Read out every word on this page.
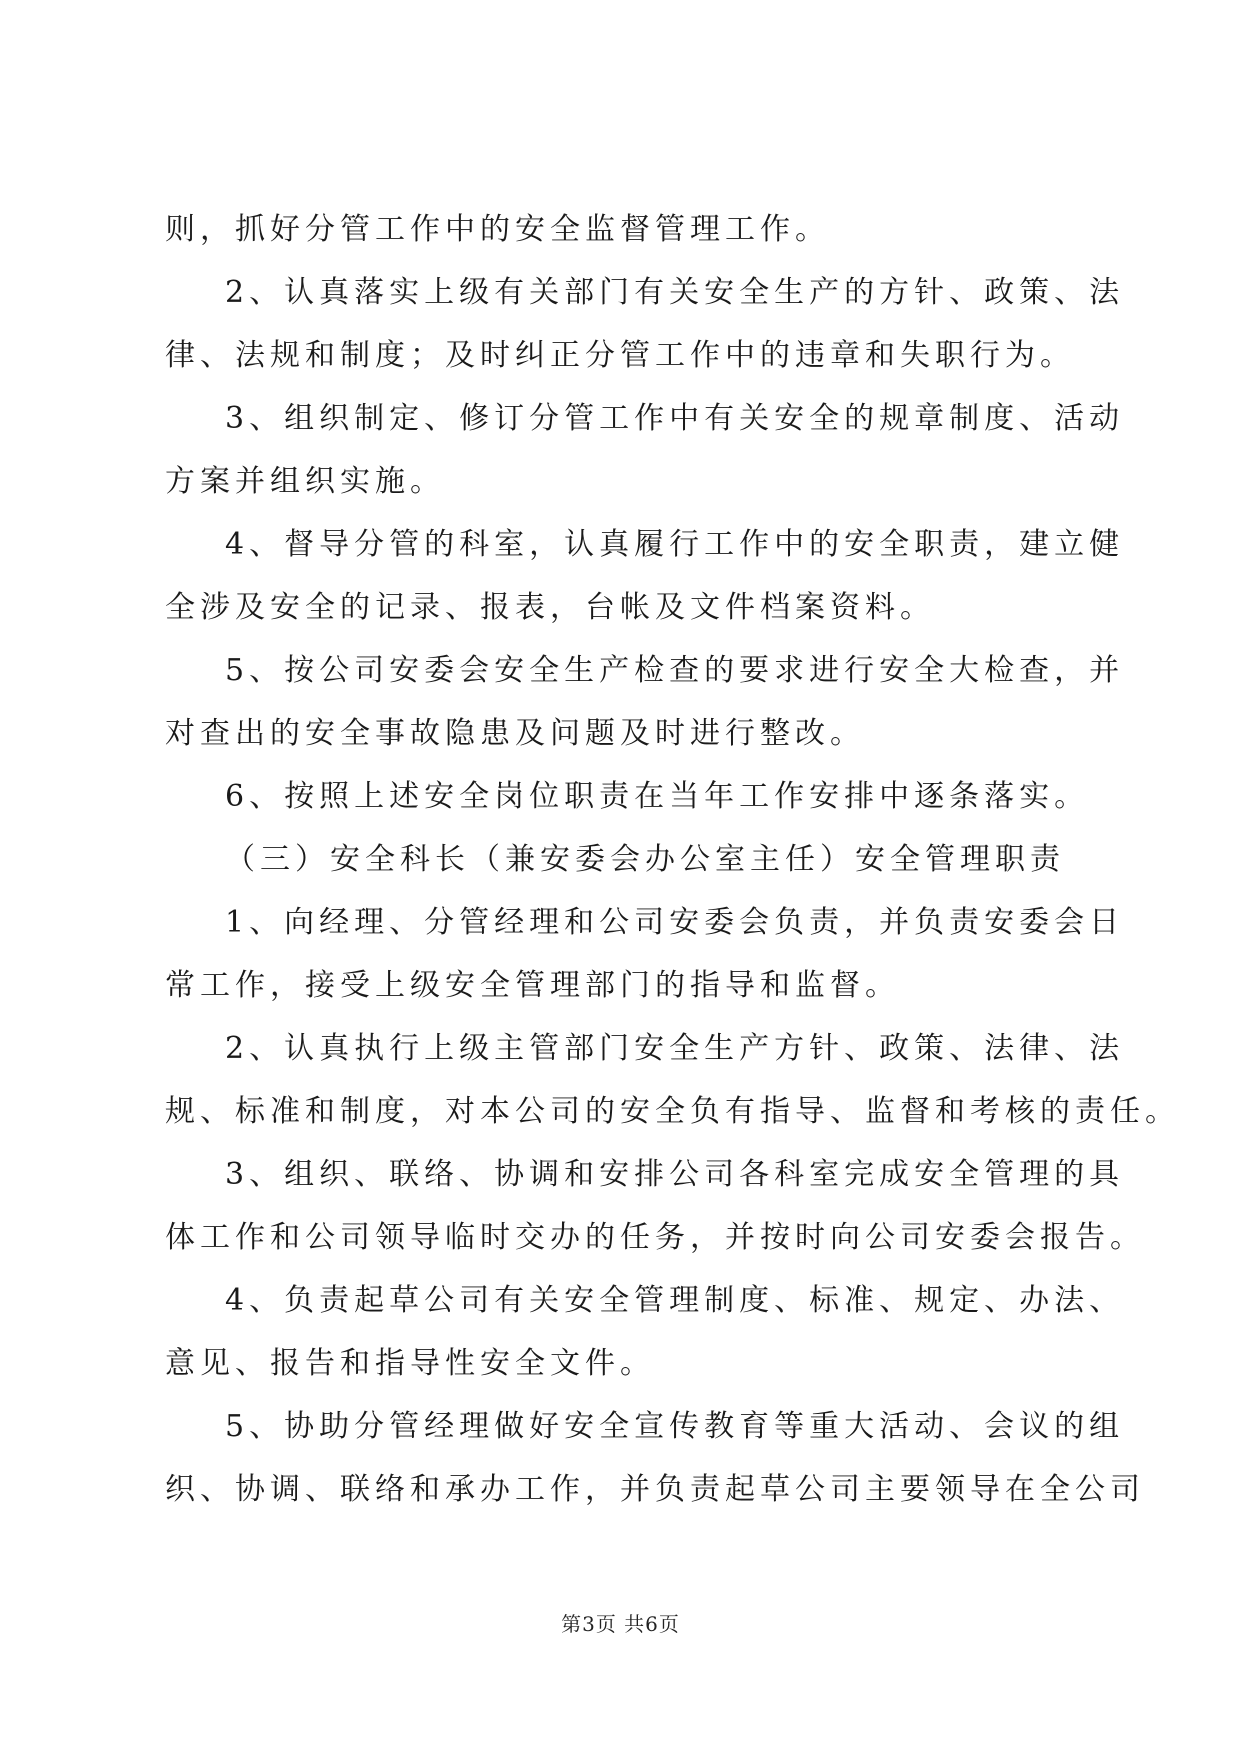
则，抓好分管工作中的安全监督管理工作。
2、认真落实上级有关部门有关安全生产的方针、政策、法
律、法规和制度；及时纠正分管工作中的违章和失职行为。
3、组织制定、修订分管工作中有关安全的规章制度、活动
方案并组织实施。
4、督导分管的科室，认真履行工作中的安全职责，建立健
全涉及安全的记录、报表，台帐及文件档案资料。
5、按公司安委会安全生产检查的要求进行安全大检查，并
对查出的安全事故隐患及问题及时进行整改。
6、按照上述安全岗位职责在当年工作安排中逐条落实。
（三）安全科长（兼安委会办公室主任）安全管理职责
1、向经理、分管经理和公司安委会负责，并负责安委会日
常工作，接受上级安全管理部门的指导和监督。
2、认真执行上级主管部门安全生产方针、政策、法律、法
规、标准和制度，对本公司的安全负有指导、监督和考核的责任。
3、组织、联络、协调和安排公司各科室完成安全管理的具
体工作和公司领导临时交办的任务，并按时向公司安委会报告。
4、负责起草公司有关安全管理制度、标准、规定、办法、
意见、报告和指导性安全文件。
5、协助分管经理做好安全宣传教育等重大活动、会议的组
织、协调、联络和承办工作，并负责起草公司主要领导在全公司
第3页 共6页
